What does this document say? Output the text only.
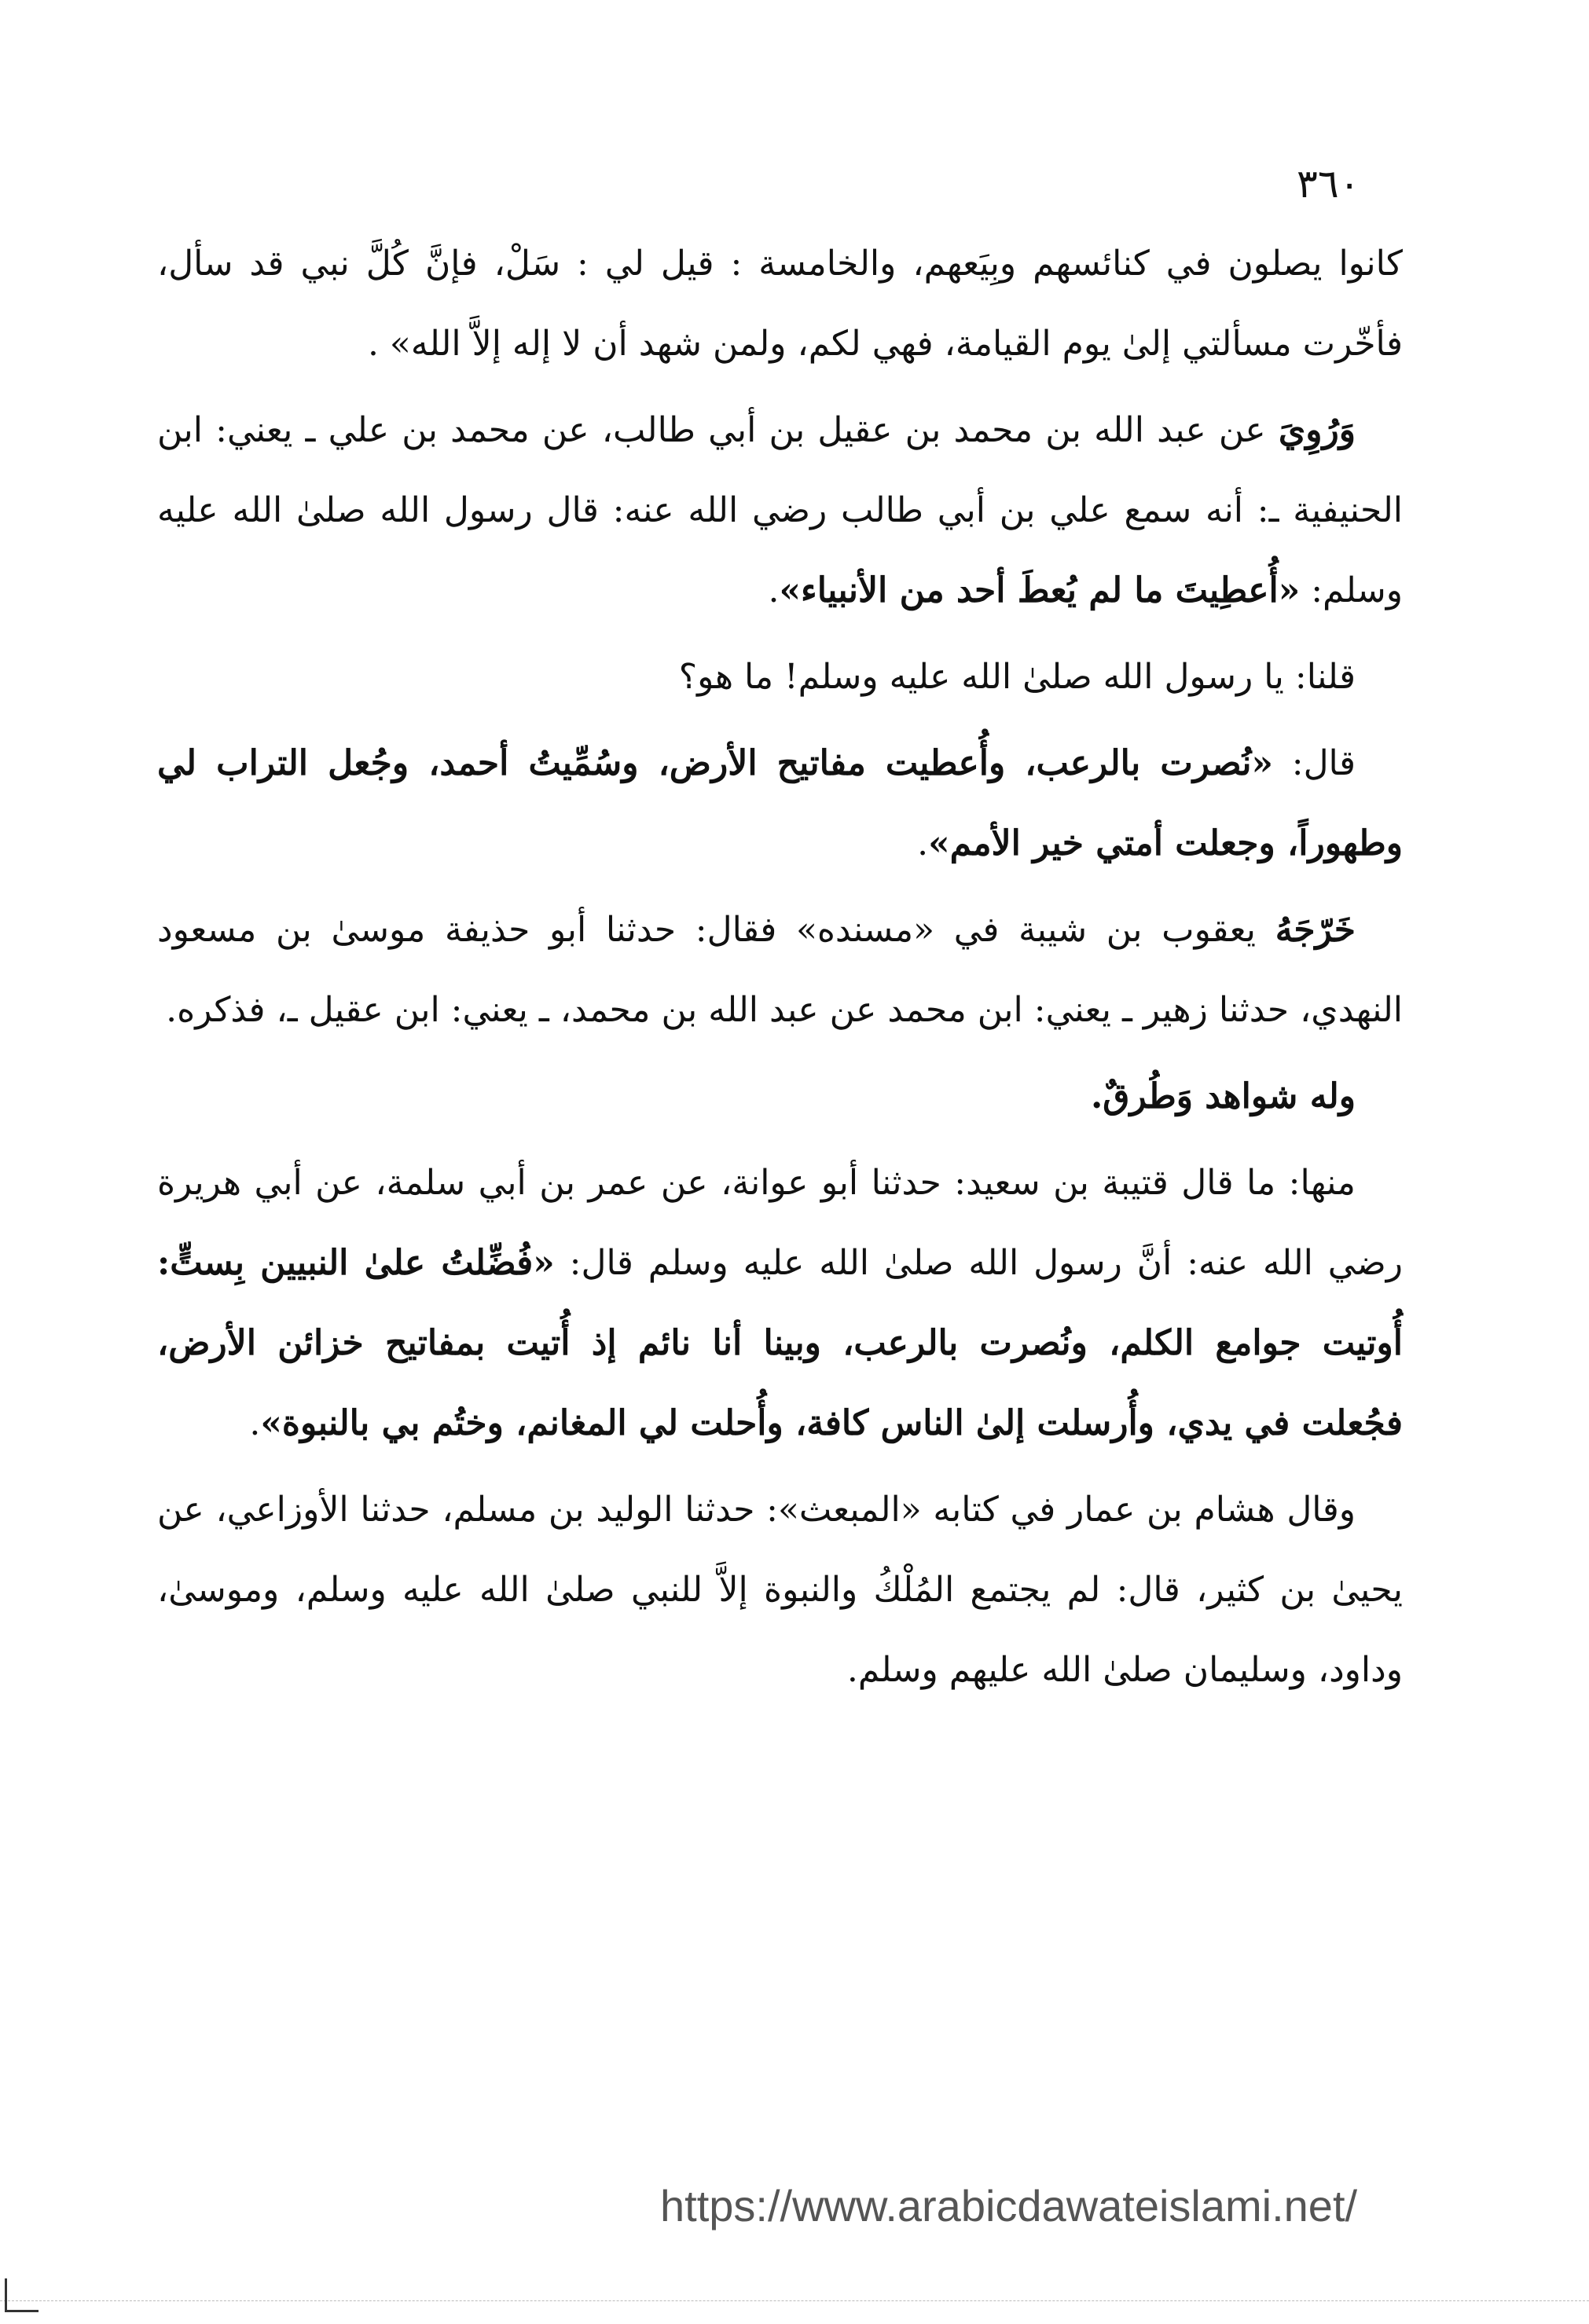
٣٦٠

كانوا يصلون في كنائسهم وبِيَعهم، والخامسة : قيل لي : سَلْ، فإنَّ كُلَّ نبي قد سأل، فأخّرت مسألتي إلىٰ يوم القيامة، فهي لكم، ولمن شهد أن لا إله إلاَّ الله» .

وَرُوِيَ عن عبد الله بن محمد بن عقيل بن أبي طالب، عن محمد بن علي ـ يعني: ابن الحنيفية ـ: أنه سمع علي بن أبي طالب رضي الله عنه: قال رسول الله صلىٰ الله عليه وسلم: «أُعطِيتَ ما لم يُعطَ أحد من الأنبياء».

قلنا: يا رسول الله صلىٰ الله عليه وسلم! ما هو؟

قال: «نُصرت بالرعب، وأُعطيت مفاتيح الأرض، وسُمِّيتُ أحمد، وجُعل التراب لي وطهوراً، وجعلت أمتي خير الأمم».

خَرّجَهُ يعقوب بن شيبة في «مسنده» فقال: حدثنا أبو حذيفة موسىٰ بن مسعود النهدي، حدثنا زهير ـ يعني: ابن محمد عن عبد الله بن محمد، ـ يعني: ابن عقيل ـ، فذكره.

وله شواهد وَطُرقٌ.

منها: ما قال قتيبة بن سعيد: حدثنا أبو عوانة، عن عمر بن أبي سلمة، عن أبي هريرة رضي الله عنه: أنَّ رسول الله صلىٰ الله عليه وسلم قال: «فُضِّلتُ علىٰ النبيين بِستٍّ: أُوتيت جوامع الكلم، ونُصرت بالرعب، وبينا أنا نائم إذ أُتيت بمفاتيح خزائن الأرض، فجُعلت في يدي، وأُرسلت إلىٰ الناس كافة، وأُحلت لي المغانم، وختُم بي بالنبوة».

وقال هشام بن عمار في كتابه «المبعث»: حدثنا الوليد بن مسلم، حدثنا الأوزاعي، عن يحيىٰ بن كثير، قال: لم يجتمع المُلْكُ والنبوة إلاَّ للنبي صلىٰ الله عليه وسلم، وموسىٰ، وداود، وسليمان صلىٰ الله عليهم وسلم.

https://www.arabicdawateislami.net/
